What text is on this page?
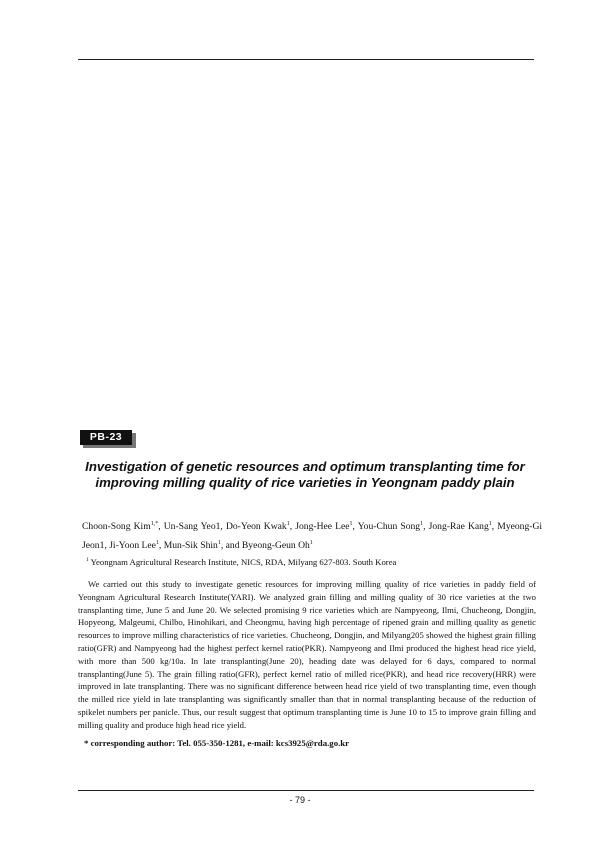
PB-23
Investigation of genetic resources and optimum transplanting time for improving milling quality of rice varieties in Yeongnam paddy plain
Choon-Song Kim$^{1,*}$, Un-Sang Yeo1, Do-Yeon Kwak$^1$, Jong-Hee Lee$^1$, You-Chun Song$^1$, Jong-Rae Kang$^1$, Myeong-Gi Jeon1, Ji-Yoon Lee$^1$, Mun-Sik Shin$^1$, and Byeong-Geun Oh$^1$
$^1$ Yeongnam Agricultural Research Institute, NICS, RDA, Milyang 627-803. South Korea

We carried out this study to investigate genetic resources for improving milling quality of rice varieties in paddy field of Yeongnam Agricultural Research Institute(YARI). We analyzed grain filling and milling quality of 30 rice varieties at the two transplanting time, June 5 and June 20. We selected promising 9 rice varieties which are Nampyeong, Ilmi, Chucheong, Dongjin, Hopyeong, Malgeumi, Chilbo, Hinohikari, and Cheongmu, having high percentage of ripened grain and milling quality as genetic resources to improve milling characteristics of rice varieties. Chucheong, Dongjin, and Milyang205 showed the highest grain filling ratio(GFR) and Nampyeong had the highest perfect kernel ratio(PKR). Nampyeong and Ilmi produced the highest head rice yield, with more than 500 kg/10a. In late transplanting(June 20), heading date was delayed for 6 days, compared to normal transplanting(June 5). The grain filling ratio(GFR), perfect kernel ratio of milled rice(PKR), and head rice recovery(HRR) were improved in late transplanting. There was no significant difference between head rice yield of two transplanting time, even though the milled rice yield in late transplanting was significantly smaller than that in normal transplanting because of the reduction of spikelet numbers per panicle. Thus, our result suggest that optimum transplanting time is June 10 to 15 to improve grain filling and milling quality and produce high head rice yield.

* corresponding author: Tel. 055-350-1281, e-mail: kcs3925@rda.go.kr
- 79 -
